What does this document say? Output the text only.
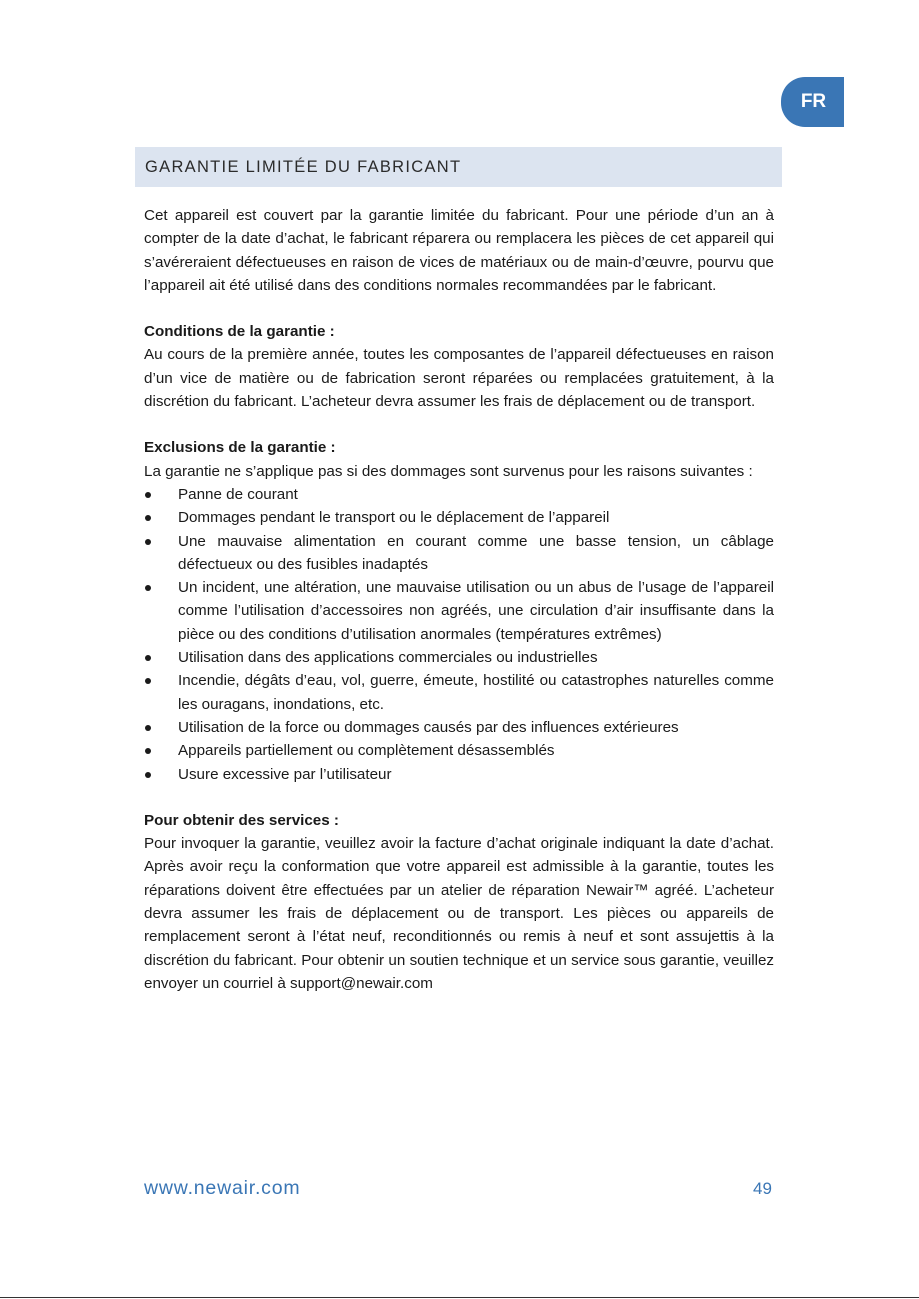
FR
GARANTIE LIMITÉE DU FABRICANT

Cet appareil est couvert par la garantie limitée du fabricant. Pour une période d’un an à compter de la date d’achat, le fabricant réparera ou remplacera les pièces de cet appareil qui s’avéreraient défectueuses en raison de vices de matériaux ou de main-d’œuvre, pourvu que l’appareil ait été utilisé dans des conditions normales recommandées par le fabricant.

Conditions de la garantie :

Au cours de la première année, toutes les composantes de l’appareil défectueuses en raison d’un vice de matière ou de fabrication seront réparées ou remplacées gratuitement, à la discrétion du fabricant. L’acheteur devra assumer les frais de déplacement ou de transport.

Exclusions de la garantie :

La garantie ne s’applique pas si des dommages sont survenus pour les raisons suivantes :

Panne de courant
Dommages pendant le transport ou le déplacement de l’appareil
Une mauvaise alimentation en courant comme une basse tension, un câblage défectueux ou des fusibles inadaptés
Un incident, une altération, une mauvaise utilisation ou un abus de l’usage de l’appareil comme l’utilisation d’accessoires non agréés, une circulation d’air insuffisante dans la pièce ou des conditions d’utilisation anormales (températures extrêmes)
Utilisation dans des applications commerciales ou industrielles
Incendie, dégâts d’eau, vol, guerre, émeute, hostilité ou catastrophes naturelles comme les ouragans, inondations, etc.
Utilisation de la force ou dommages causés par des influences extérieures
Appareils partiellement ou complètement désassemblés
Usure excessive par l’utilisateur
Pour obtenir des services :

Pour invoquer la garantie, veuillez avoir la facture d’achat originale indiquant la date d’achat. Après avoir reçu la conformation que votre appareil est admissible à la garantie, toutes les réparations doivent être effectuées par un atelier de réparation Newair™ agréé. L’acheteur devra assumer les frais de déplacement ou de transport. Les pièces ou appareils de remplacement seront à l’état neuf, reconditionnés ou remis à neuf et sont assujettis à la discrétion du fabricant. Pour obtenir un soutien technique et un service sous garantie, veuillez envoyer un courriel à support@newair.com

www.newair.com	49
